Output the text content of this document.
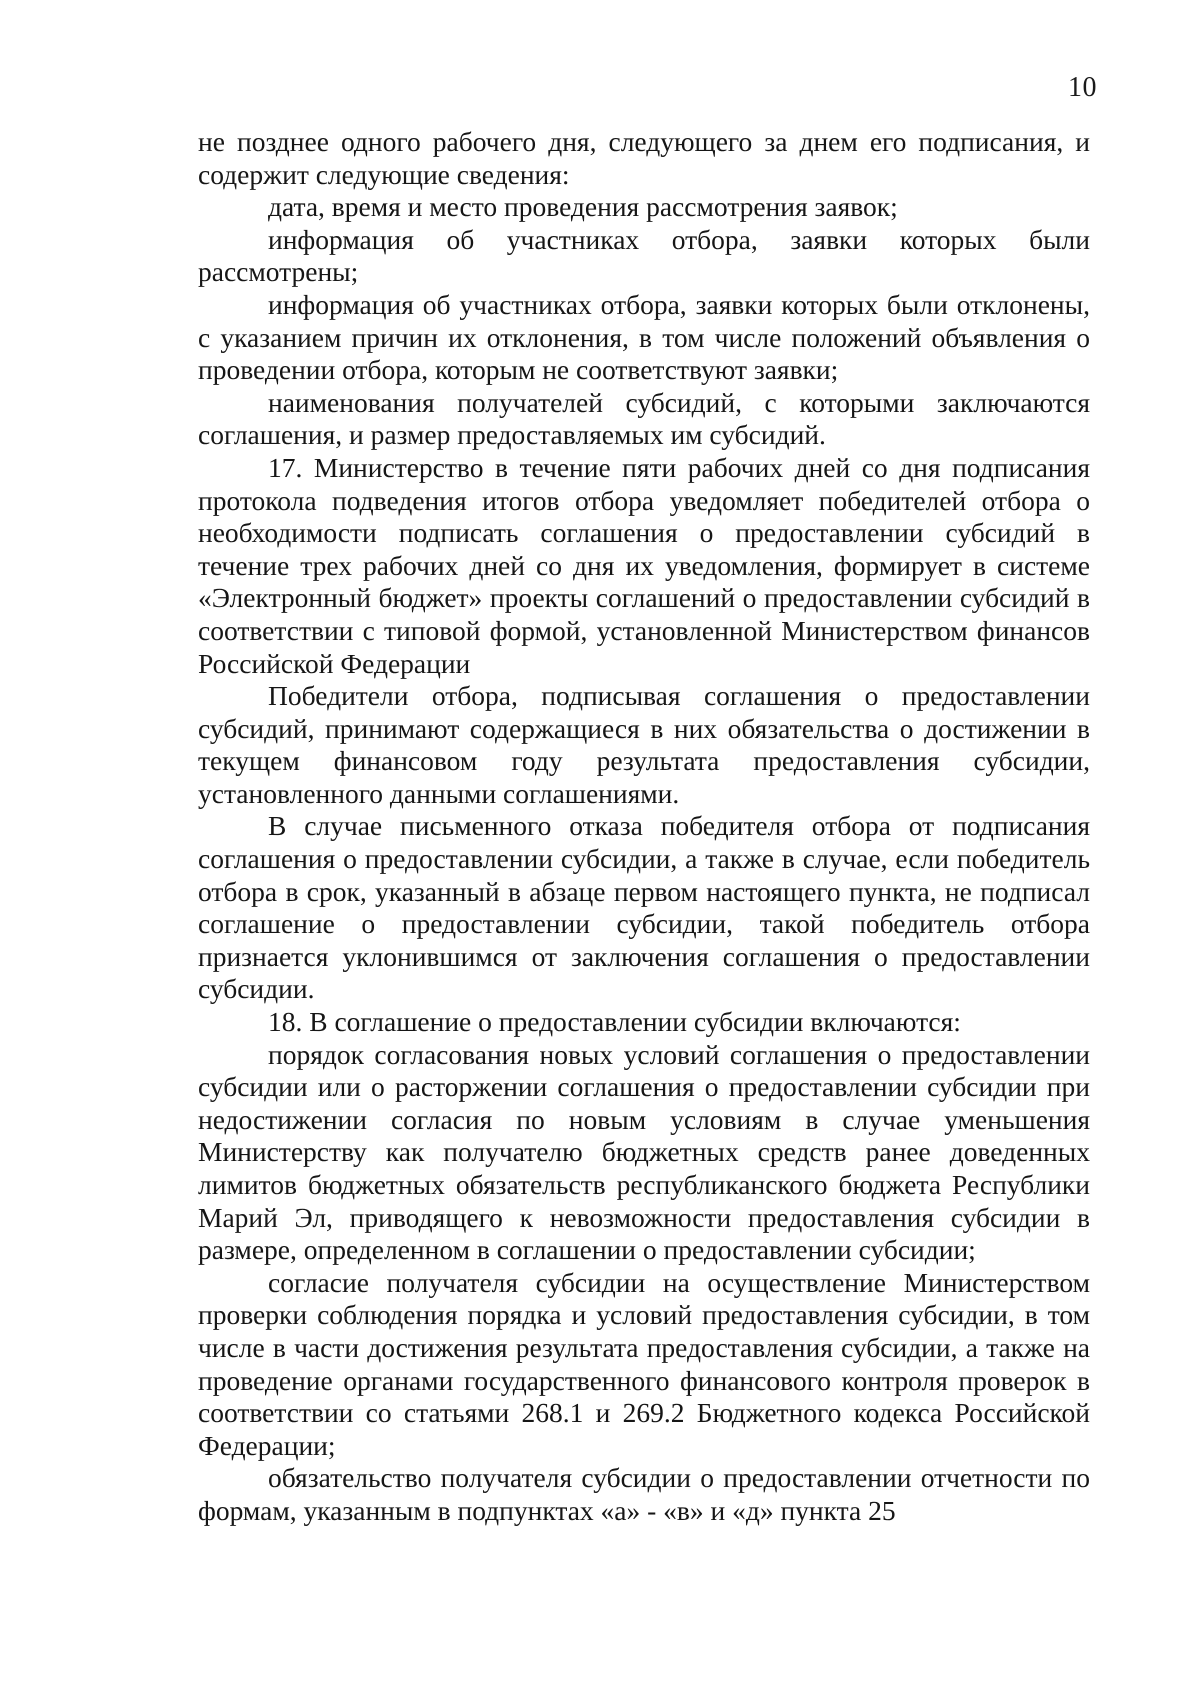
10

не позднее одного рабочего дня, следующего за днем его подписания, и содержит следующие сведения:

дата, время и место проведения рассмотрения заявок;

информация об участниках отбора, заявки которых были рассмотрены;

информация об участниках отбора, заявки которых были отклонены, с указанием причин их отклонения, в том числе положений объявления о проведении отбора, которым не соответствуют заявки;

наименования получателей субсидий, с которыми заключаются соглашения, и размер предоставляемых им субсидий.

17. Министерство в течение пяти рабочих дней со дня подписания протокола подведения итогов отбора уведомляет победителей отбора о необходимости подписать соглашения о предоставлении субсидий в течение трех рабочих дней со дня их уведомления, формирует в системе «Электронный бюджет» проекты соглашений о предоставлении субсидий в соответствии с типовой формой, установленной Министерством финансов Российской Федерации

Победители отбора, подписывая соглашения о предоставлении субсидий, принимают содержащиеся в них обязательства о достижении в текущем финансовом году результата предоставления субсидии, установленного данными соглашениями.

В случае письменного отказа победителя отбора от подписания соглашения о предоставлении субсидии, а также в случае, если победитель отбора в срок, указанный в абзаце первом настоящего пункта, не подписал соглашение о предоставлении субсидии, такой победитель отбора признается уклонившимся от заключения соглашения о предоставлении субсидии.

18. В соглашение о предоставлении субсидии включаются:

порядок согласования новых условий соглашения о предоставлении субсидии или о расторжении соглашения о предоставлении субсидии при недостижении согласия по новым условиям в случае уменьшения Министерству как получателю бюджетных средств ранее доведенных лимитов бюджетных обязательств республиканского бюджета Республики Марий Эл, приводящего к невозможности предоставления субсидии в размере, определенном в соглашении о предоставлении субсидии;

согласие получателя субсидии на осуществление Министерством проверки соблюдения порядка и условий предоставления субсидии, в том числе в части достижения результата предоставления субсидии, а также на проведение органами государственного финансового контроля проверок в соответствии со статьями 268.1 и 269.2 Бюджетного кодекса Российской Федерации;

обязательство получателя субсидии о предоставлении отчетности по формам, указанным в подпунктах «а» - «в» и «д» пункта 25
